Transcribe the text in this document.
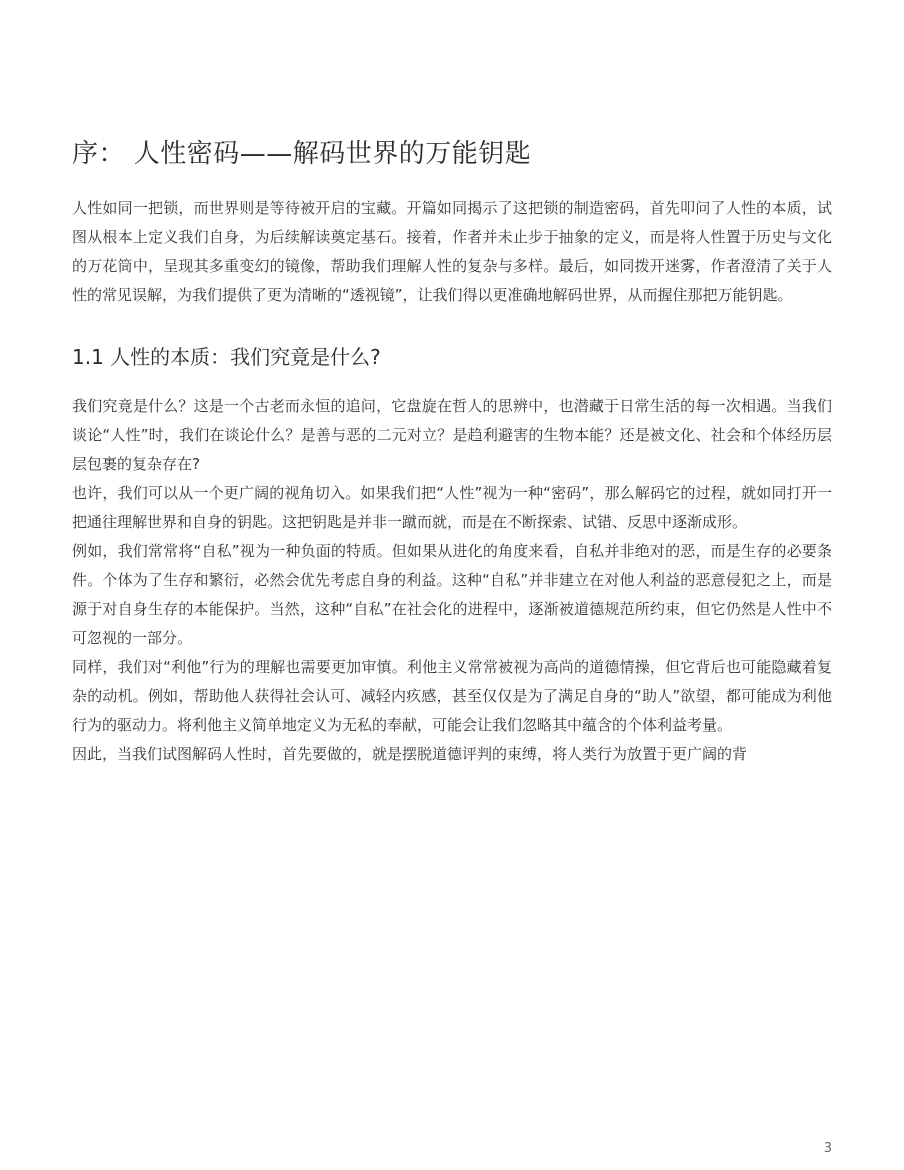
序： 人性密码——解码世界的万能钥匙

人性如同一把锁，而世界则是等待被开启的宝藏。开篇如同揭示了这把锁的制造密码，首先叩问了人性的本质，试图从根本上定义我们自身，为后续解读奠定基石。接着，作者并未止步于抽象的定义，而是将人性置于历史与文化的万花筒中，呈现其多重变幻的镜像，帮助我们理解人性的复杂与多样。最后，如同拨开迷雾，作者澄清了关于人性的常见误解，为我们提供了更为清晰的“透视镜”，让我们得以更准确地解码世界，从而握住那把万能钥匙。

1.1 人性的本质：我们究竟是什么?

我们究竟是什么？这是一个古老而永恒的追问，它盘旋在哲人的思辨中，也潜藏于日常生活的每一次相遇。当我们谈论“人性”时，我们在谈论什么？是善与恶的二元对立？是趋利避害的生物本能？还是被文化、社会和个体经历层层包裹的复杂存在?

也许，我们可以从一个更广阔的视角切入。如果我们把“人性”视为一种“密码”，那么解码它的过程，就如同打开一把通往理解世界和自身的钥匙。这把钥匙是并非一蹴而就，而是在不断探索、试错、反思中逐渐成形。

例如，我们常常将“自私”视为一种负面的特质。但如果从进化的角度来看，自私并非绝对的恶，而是生存的必要条件。个体为了生存和繁衍，必然会优先考虑自身的利益。这种“自私”并非建立在对他人利益的恶意侵犯之上，而是源于对自身生存的本能保护。当然，这种“自私”在社会化的进程中，逐渐被道德规范所约束，但它仍然是人性中不可忽视的一部分。

同样，我们对“利他”行为的理解也需要更加审慎。利他主义常常被视为高尚的道德情操，但它背后也可能隐藏着复杂的动机。例如，帮助他人获得社会认可、减轻内疚感，甚至仅仅是为了满足自身的“助人”欲望，都可能成为利他行为的驱动力。将利他主义简单地定义为无私的奉献，可能会让我们忽略其中蕴含的个体利益考量。

因此，当我们试图解码人性时，首先要做的，就是摆脱道德评判的束缚，将人类行为放置于更广阔的背

3
